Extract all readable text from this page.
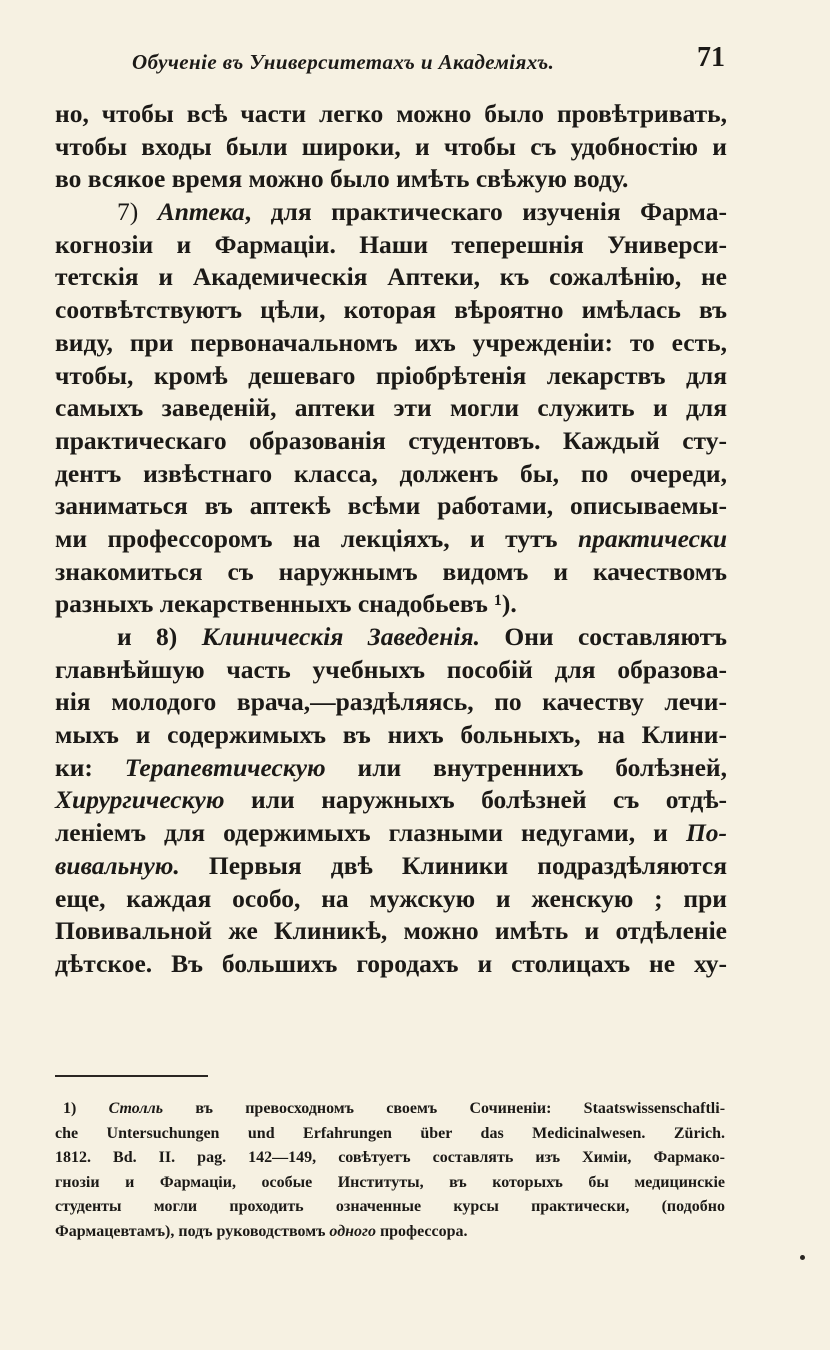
Обученіе въ Университетахъ и Академіяхъ.	71
но, чтобы всѣ части легко можно было провѣтривать,
чтобы входы были широки, и чтобы съ удобностію и
во всякое время можно было имѣть свѣжую воду.
7) Аптека, для практическаго изученія Фарма-
когнозіи и Фармаціи. Наши теперешнія Универси-
тетскія и Академическія Аптеки, къ сожалѣнію, не
соотвѣтствуютъ цѣли, которая вѣроятно имѣлась въ
виду, при первоначальномъ ихъ учрежденіи: то есть,
чтобы, кромѣ дешеваго пріобрѣтенія лекарствъ для
самыхъ заведеній, аптеки эти могли служить и для
практическаго образованія студентовъ. Каждый сту-
дентъ извѣстнаго класса, долженъ бы, по очереди,
заниматься въ аптекѣ всѣми работами, описываемы-
ми профессоромъ на лекціяхъ, и тутъ практически
знакомиться съ наружнымъ видомъ и качествомъ
разныхъ лекарственныхъ снадобьевъ ¹).
и 8) Клиническія Заведенія. Они составляютъ
главнѣйшую часть учебныхъ пособій для образова-
нія молодого врача,—раздѣляясь, по качеству лечи-
мыхъ и содержимыхъ въ нихъ больныхъ, на Клини-
ки: Терапевтическую или внутреннихъ болѣзней,
Хирургическую или наружныхъ болѣзней съ отдѣ-
леніемъ для одержимыхъ глазными недугами, и По-
вивальную. Первыя двѣ Клиники подраздѣляются
еще, каждая особо, на мужскую и женскую ; при
Повивальной же Клиникѣ, можно имѣть и отдѣленіе
дѣтское. Въ большихъ городахъ и столицахъ не ху-
1) Столль въ превосходномъ своемъ Сочиненіи: Staatswissenschaftli-
che Untersuchungen und Erfahrungen über das Medicinalwesen. Zürich.
1812. Bd. II. pag. 142—149, совѣтуетъ составлять изъ Химіи, Фармако-
гнозіи и Фармаціи, особые Институты, въ которыхъ бы медицинскіе
студенты могли проходить означенные курсы практически, (подобно
Фармацевтамъ), подъ руководствомъ одного профессора.
